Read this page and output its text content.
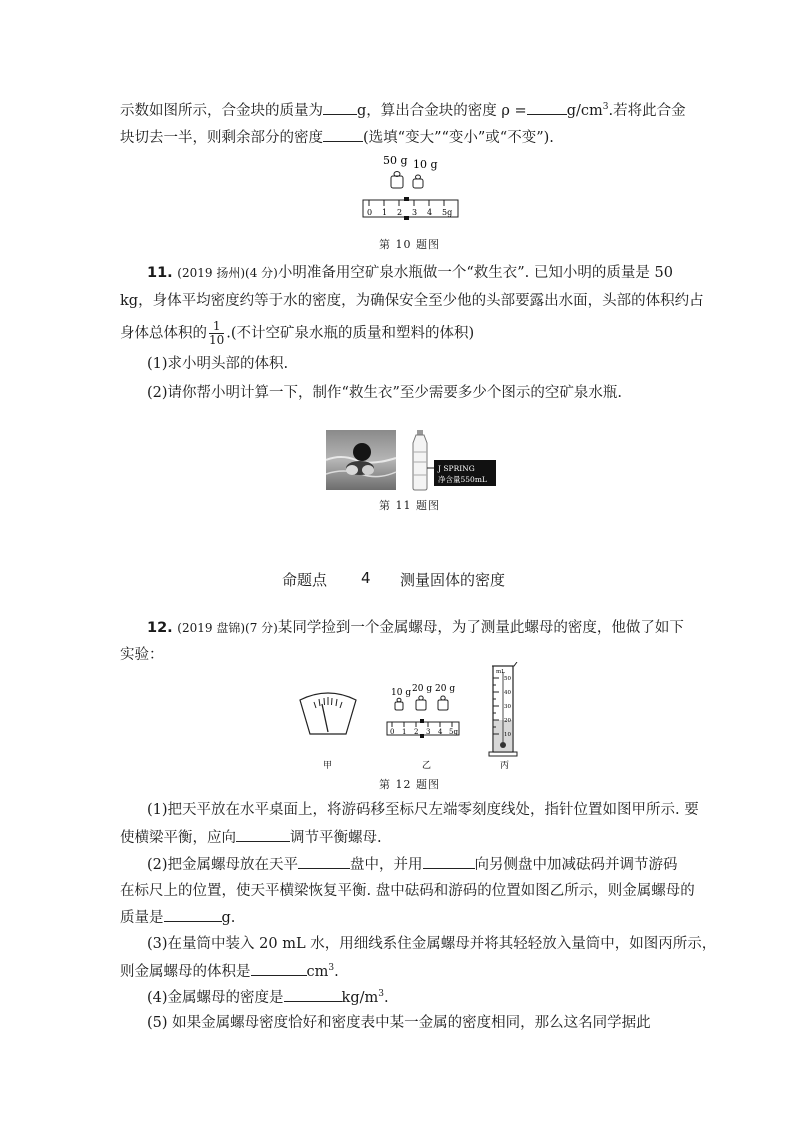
示数如图所示，合金块的质量为 g，算出合金块的密度 ρ =	$g/cm^3$.若将此合金
块切去一半，则剩余部分的密度	(选填“变大”“变小”或“不变”).
50 g 10 g
0 1 2 3 4 5g
第 10 题图
11. (2019 扬州)(4 分)小明准备用空矿泉水瓶做一个“救生衣”. 已知小明的质量是 50
kg，身体平均密度约等于水的密度，为确保安全至少他的头部要露出水面，头部的体积约占
身体总体积的 $\frac{1}{10}$ .(不计空矿泉水瓶的质量和塑料的体积)
(1)求小明头部的体积.
(2)请你帮小明计算一下，制作“救生衣”至少需要多少个图示的空矿泉水瓶.
J SPRING
净含量550mL
第 11 题图
命题点 4 测量固体的密度
12. (2019 盘锦)(7 分)某同学捡到一个金属螺母，为了测量此螺母的密度，他做了如下
实验：
甲
10 g 20 g 20 g
0 1 2 3 4 5g
乙
mL
50
40
30
20
10
丙
第 12 题图
(1)把天平放在水平桌面上，将游码移至标尺左端零刻度线处，指针位置如图甲所示. 要
使横梁平衡，应向	调节平衡螺母.
(2)把金属螺母放在天平	盘中，并用	向另侧盘中加减砝码并调节游码
在标尺上的位置，使天平横梁恢复平衡. 盘中砝码和游码的位置如图乙所示，则金属螺母的
质量是	g.
(3)在量筒中装入 20 mL 水，用细线系住金属螺母并将其轻轻放入量筒中，如图丙所示，
则金属螺母的体积是	$cm^3$.
(4)金属螺母的密度是	$kg/m^3$.
(5) 如果金属螺母密度恰好和密度表中某一金属的密度相同，那么这名同学据此
